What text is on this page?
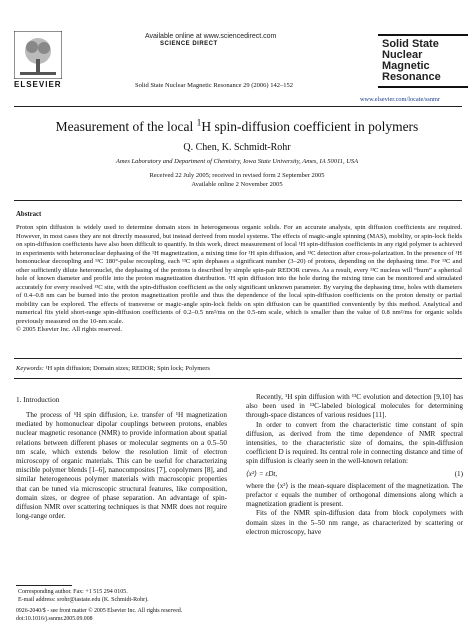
ELSEVIER
Available online at www.sciencedirect.com
SCIENCE DIRECT
Solid State Nuclear Magnetic Resonance 29 (2006) 142–152
Solid State
Nuclear
Magnetic
Resonance
www.elsevier.com/locate/ssnmr
Measurement of the local $^1$H spin-diffusion coefficient in polymers
Q. Chen, K. Schmidt-Rohr
Ames Laboratory and Department of Chemistry, Iowa State University, Ames, IA 50011, USA
Received 22 July 2005; received in revised form 2 September 2005
Available online 2 November 2005
Abstract
Proton spin diffusion is widely used to determine domain sizes in heterogeneous organic solids. For an accurate analysis, spin diffusion coefficients are required. However, in most cases they are not directly measured, but instead derived from model systems. The effects of magic-angle spinning (MAS), mobility, or spin-lock fields on spin-diffusion coefficients have also been difficult to quantify. In this work, direct measurement of local ¹H spin-diffusion coefficients in any rigid polymer is achieved in experiments with heteronuclear dephasing of the ¹H magnetization, a mixing time for ¹H spin diffusion, and ¹³C detection after cross-polarization. In the presence of ¹H homonuclear decoupling and ¹³C 180°-pulse recoupling, each ¹³C spin dephases a significant number (3–20) of protons, depending on the dephasing time. For ¹³C and other sufficiently dilute heteronuclei, the dephasing of the protons is described by simple spin-pair REDOR curves. As a result, every ¹³C nucleus will “burn” a spherical hole of known diameter and profile into the proton magnetization distribution. ¹H spin diffusion into the hole during the mixing time can be monitored and simulated accurately for every resolved ¹³C site, with the spin-diffusion coefficient as the only significant unknown parameter. By varying the dephasing time, holes with diameters of 0.4–0.8 nm can be burned into the proton magnetization profile and thus the dependence of the local spin-diffusion coefficients on the proton density or partial mobility can be explored. The effects of transverse or magic-angle spin-lock fields on spin diffusion can be quantified conveniently by this method. Analytical and numerical fits yield short-range spin-diffusion coefficients of 0.2–0.5 nm²/ms on the 0.5-nm scale, which is smaller than the value of 0.8 nm²/ms for organic solids previously measured on the 10-nm scale.
© 2005 Elsevier Inc. All rights reserved.
Keywords: ¹H spin diffusion; Domain sizes; REDOR; Spin lock; Polymers
1. Introduction
The process of ¹H spin diffusion, i.e. transfer of ¹H magnetization mediated by homonuclear dipolar couplings between protons, enables nuclear magnetic resonance (NMR) to provide information about spatial relations between different phases or molecular segments on a 0.5–50 nm scale, which extends below the resolution limit of electron microscopy of organic materials. This can be useful for characterizing miscible polymer blends [1–6], nanocomposites [7], copolymers [8], and similar heterogeneous polymer materials with macroscopic properties that can be tuned via microscopic structural features, like composition, domain sizes, or degree of phase separation. An advantage of spin-diffusion NMR over scattering techniques is that NMR does not require long-range order.
Recently, ¹H spin diffusion with ¹³C evolution and detection [9,10] has also been used in ¹³C-labeled biological molecules for determining through-space distances of various residues [11].
In order to convert from the characteristic time constant of spin diffusion, as derived from the time dependence of NMR spectral intensities, to the characteristic size of domains, the spin-diffusion coefficient D is required. Its central role in connecting distance and time of spin diffusion is clearly seen in the well-known relation:
⟨x²⟩ = εDt,	(1)
where the ⟨x²⟩ is the mean-square displacement of the magnetization. The prefactor ε equals the number of orthogonal dimensions along which a magnetization gradient is present.
Fits of the NMR spin-diffusion data from block copolymers with domain sizes in the 5–50 nm range, as characterized by scattering or electron microscopy, have
Corresponding author. Fax: +1 515 294 0105.
E-mail address: srohr@iastate.edu (K. Schmidt-Rohr).
0926-2040/$ - see front matter © 2005 Elsevier Inc. All rights reserved.
doi:10.1016/j.ssnmr.2005.09.008
